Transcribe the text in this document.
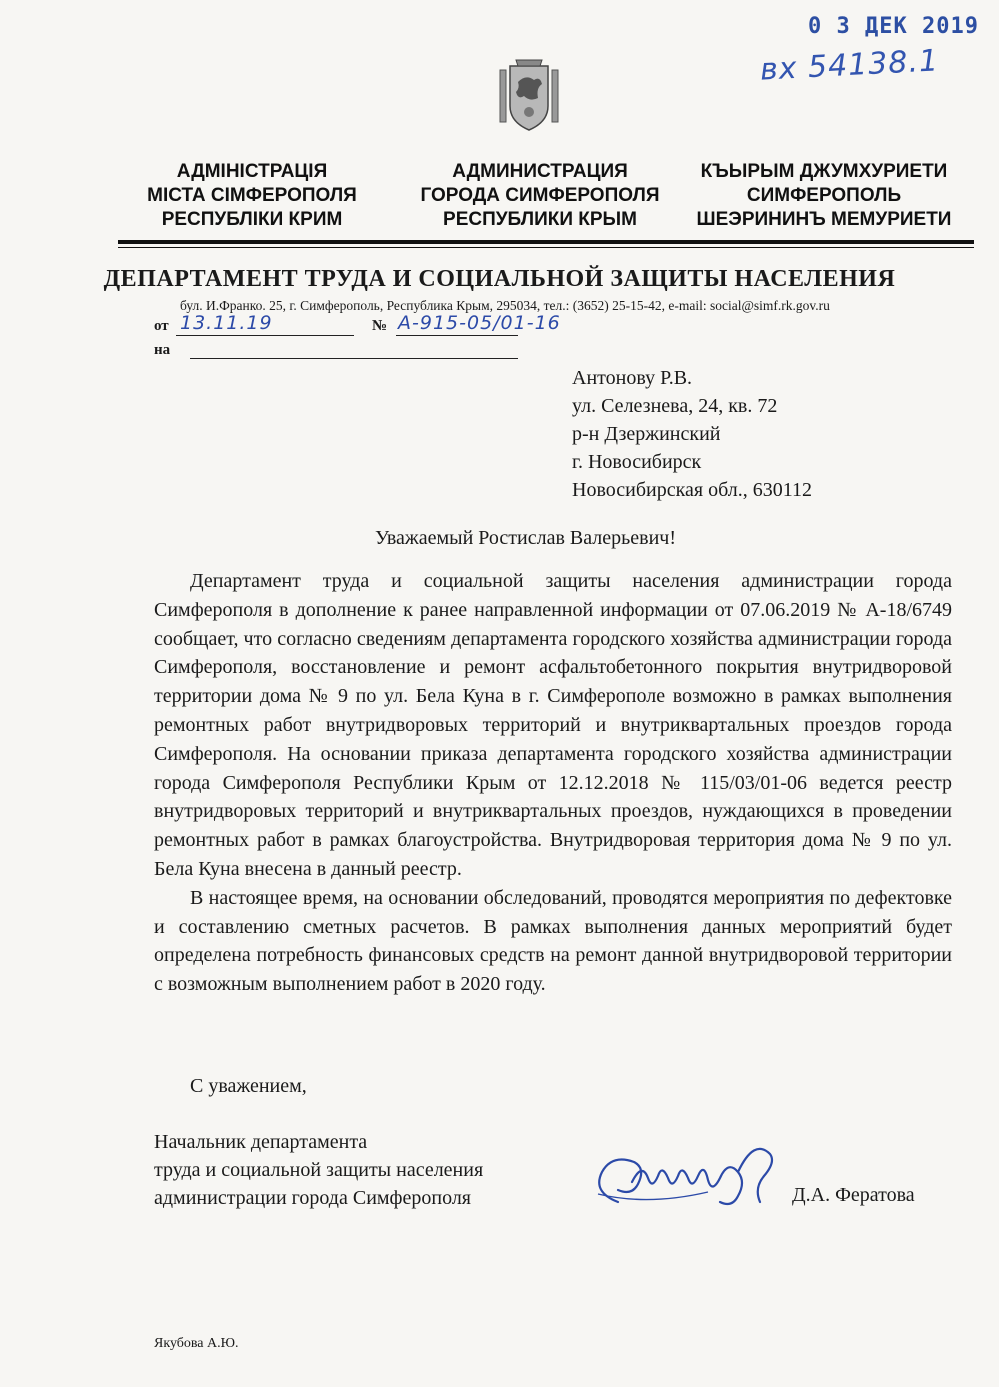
0 3 ДЕК 2019
вх 54138.1
АДМІНІСТРАЦІЯ
МІСТА СІМФЕРОПОЛЯ
РЕСПУБЛІКИ КРИМ
АДМИНИСТРАЦИЯ
ГОРОДА СИМФЕРОПОЛЯ
РЕСПУБЛИКИ КРЫМ
КЪЫРЫМ ДЖУМХУРИЕТИ
СИМФЕРОПОЛЬ
ШЕЭРИНИНЪ МЕМУРИЕТИ
ДЕПАРТАМЕНТ ТРУДА И СОЦИАЛЬНОЙ ЗАЩИТЫ НАСЕЛЕНИЯ
бул. И.Франко. 25, г. Симферополь, Республика Крым, 295034, тел.: (3652) 25-15-42, e-mail: social@simf.rk.gov.ru
от 13.11.19	№ А-915-05/01-16
на
Антонову Р.В.
ул. Селезнева, 24, кв. 72
р-н Дзержинский
г. Новосибирск
Новосибирская обл., 630112
Уважаемый Ростислав Валерьевич!

Департамент труда и социальной защиты населения администрации города Симферополя в дополнение к ранее направленной информации от 07.06.2019 № А-18/6749 сообщает, что согласно сведениям департамента городского хозяйства администрации города Симферополя, восстановление и ремонт асфальтобетонного покрытия внутридворовой территории дома № 9 по ул. Бела Куна в г. Симферополе возможно в рамках выполнения ремонтных работ внутридворовых территорий и внутриквартальных проездов города Симферополя. На основании приказа департамента городского хозяйства администрации города Симферополя Республики Крым от 12.12.2018 № 115/03/01-06 ведется реестр внутридворовых территорий и внутриквартальных проездов, нуждающихся в проведении ремонтных работ в рамках благоустройства. Внутридворовая территория дома № 9 по ул. Бела Куна внесена в данный реестр.

В настоящее время, на основании обследований, проводятся мероприятия по дефектовке и составлению сметных расчетов. В рамках выполнения данных мероприятий будет определена потребность финансовых средств на ремонт данной внутридворовой территории с возможным выполнением работ в 2020 году.

С уважением,
Начальник департамента
труда и социальной защиты населения
администрации города Симферополя	Д.А. Фератова
Якубова А.Ю.
